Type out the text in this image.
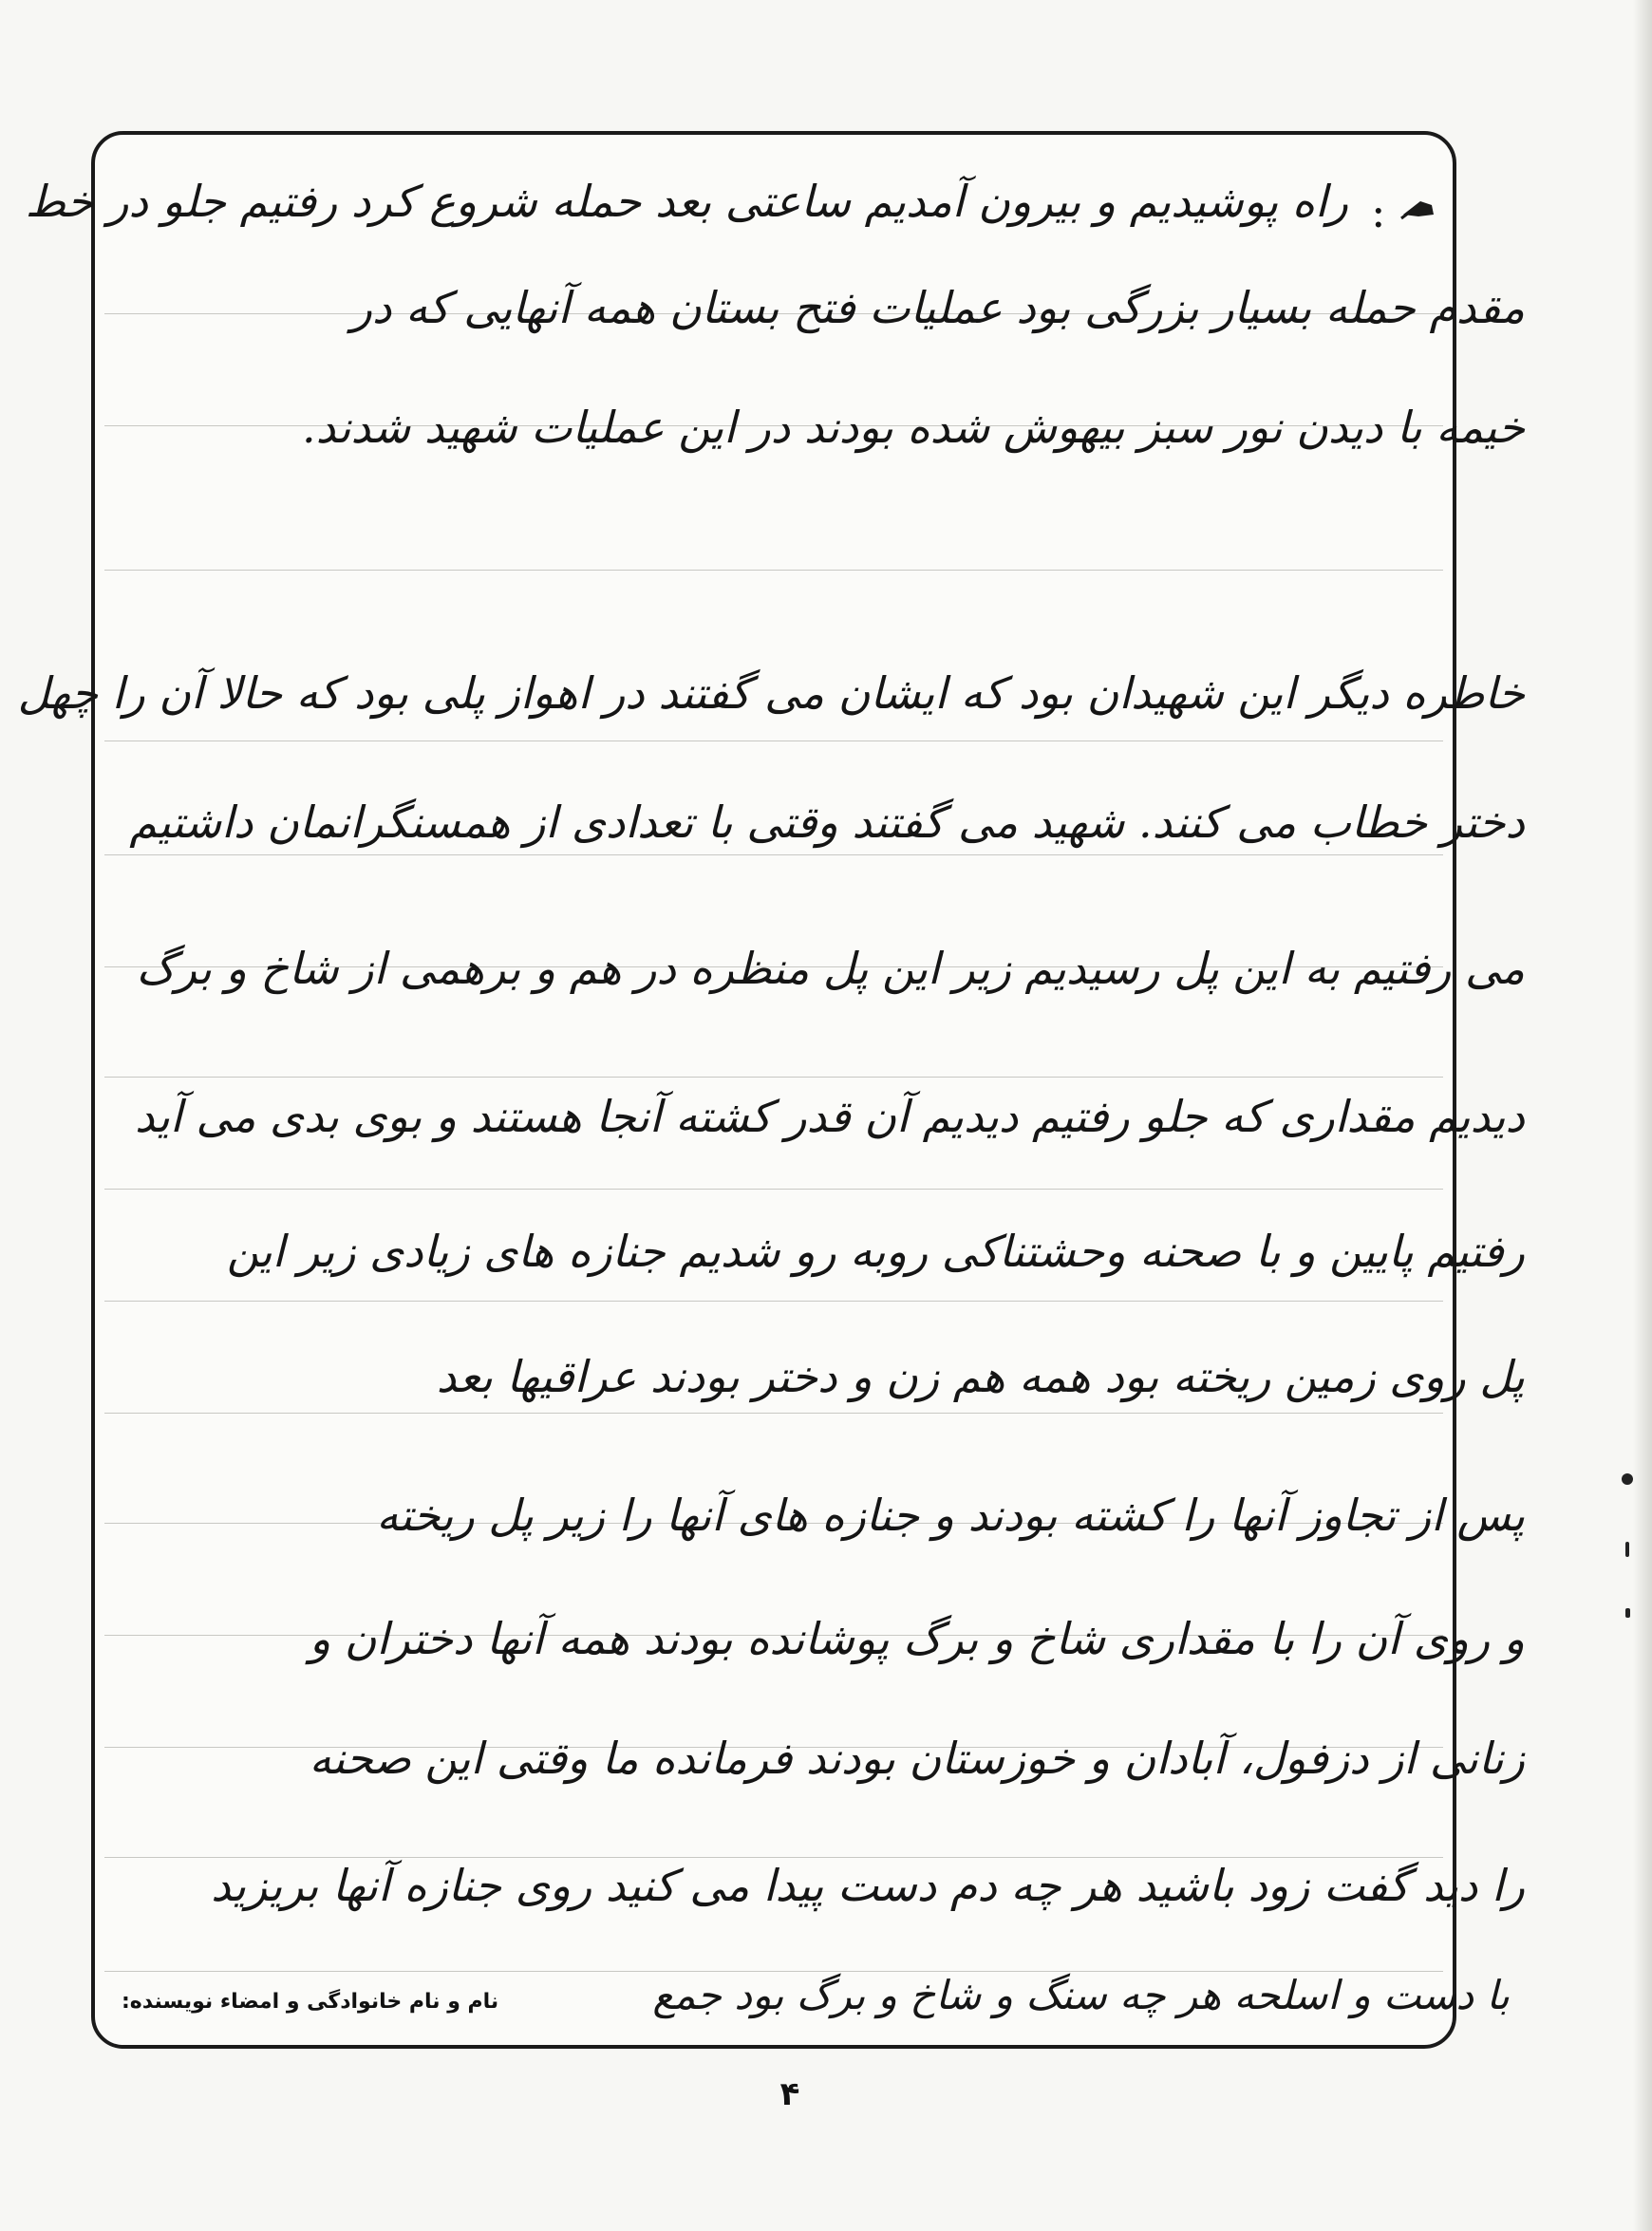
:
راه پوشیدیم و بیرون آمدیم ساعتی بعد حمله شروع کرد رفتیم جلو در خط
مقدم حمله بسیار بزرگی بود عملیات فتح بستان همه آنهایی که در
خیمه با دیدن نور سبز بیهوش شده بودند در این عملیات شهید شدند.
خاطره دیگر این شهیدان بود که ایشان می گفتند در اهواز پلی بود که حالا آن را چهل
دختر خطاب می کنند. شهید می گفتند وقتی با تعدادی از همسنگرانمان داشتیم
می رفتیم به این پل رسیدیم زیر این پل منظره در هم و برهمی از شاخ و برگ
دیدیم مقداری که جلو رفتیم دیدیم آن قدر کشته آنجا هستند و بوی بدی می آید
رفتیم پایین و با صحنه وحشتناکی روبه رو شدیم جنازه های زیادی زیر این
پل روی زمین ریخته بود همه هم زن و دختر بودند عراقیها بعد
پس از تجاوز آنها را کشته بودند و جنازه های آنها را زیر پل ریخته
و روی آن را با مقداری شاخ و برگ پوشانده بودند همه آنها دختران و
زنانی از دزفول، آبادان و خوزستان بودند فرمانده ما وقتی این صحنه
را دید گفت زود باشید هر چه دم دست پیدا می کنید روی جنازه آنها بریزید
با دست و اسلحه هر چه سنگ و شاخ و برگ بود جمع
نام و نام خانوادگی و امضاء نویسنده:
۴
